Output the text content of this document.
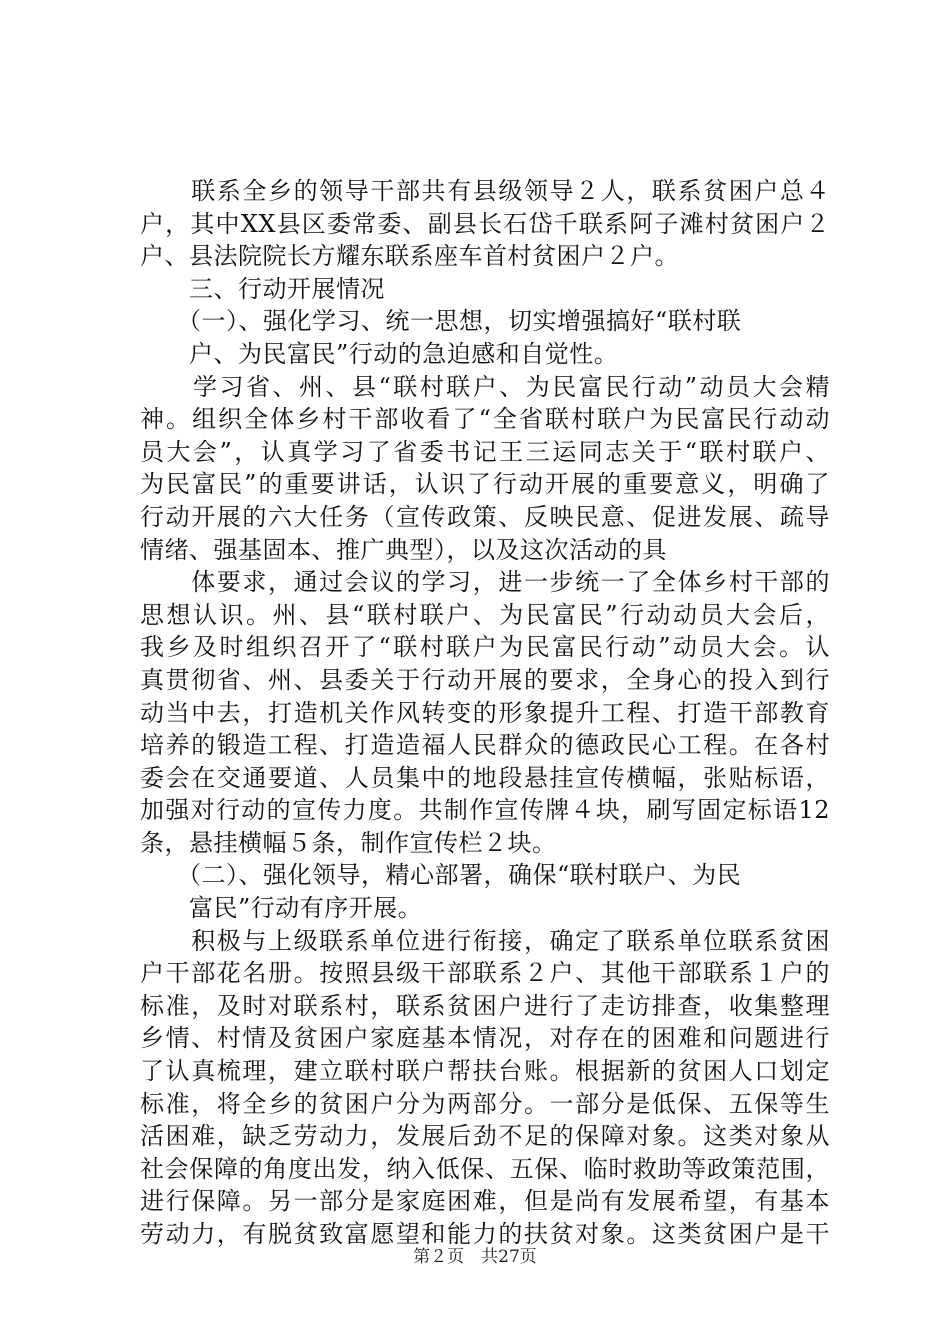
　　联系全乡的领导干部共有县级领导２人，联系贫困户总４
户，其中XX县区委常委、副县长石岱千联系阿子滩村贫困户２
户、县法院院长方耀东联系座车首村贫困户２户。
　　三、行动开展情况
　　（一）、强化学习、统一思想，切实增强搞好“联村联
　　户、为民富民”行动的急迫感和自觉性。
　　学习省、州、县“联村联户、为民富民行动”动员大会精
神。组织全体乡村干部收看了“全省联村联户为民富民行动动
员大会”，认真学习了省委书记王三运同志关于“联村联户、
为民富民”的重要讲话，认识了行动开展的重要意义，明确了
行动开展的六大任务（宣传政策、反映民意、促进发展、疏导
情绪、强基固本、推广典型），以及这次活动的具
　　体要求，通过会议的学习，进一步统一了全体乡村干部的
思想认识。州、县“联村联户、为民富民”行动动员大会后，
我乡及时组织召开了“联村联户为民富民行动”动员大会。认
真贯彻省、州、县委关于行动开展的要求，全身心的投入到行
动当中去，打造机关作风转变的形象提升工程、打造干部教育
培养的锻造工程、打造造福人民群众的德政民心工程。在各村
委会在交通要道、人员集中的地段悬挂宣传横幅，张贴标语，
加强对行动的宣传力度。共制作宣传牌４块，刷写固定标语12
条，悬挂横幅５条，制作宣传栏２块。
　　（二）、强化领导，精心部署，确保“联村联户、为民
　　富民”行动有序开展。
　　积极与上级联系单位进行衔接，确定了联系单位联系贫困
户干部花名册。按照县级干部联系２户、其他干部联系１户的
标准，及时对联系村，联系贫困户进行了走访排查，收集整理
乡情、村情及贫困户家庭基本情况，对存在的困难和问题进行
了认真梳理，建立联村联户帮扶台账。根据新的贫困人口划定
标准，将全乡的贫困户分为两部分。一部分是低保、五保等生
活困难，缺乏劳动力，发展后劲不足的保障对象。这类对象从
社会保障的角度出发，纳入低保、五保、临时救助等政策范围，
进行保障。另一部分是家庭困难，但是尚有发展希望，有基本
劳动力，有脱贫致富愿望和能力的扶贫对象。这类贫困户是干
第２页　共27页
